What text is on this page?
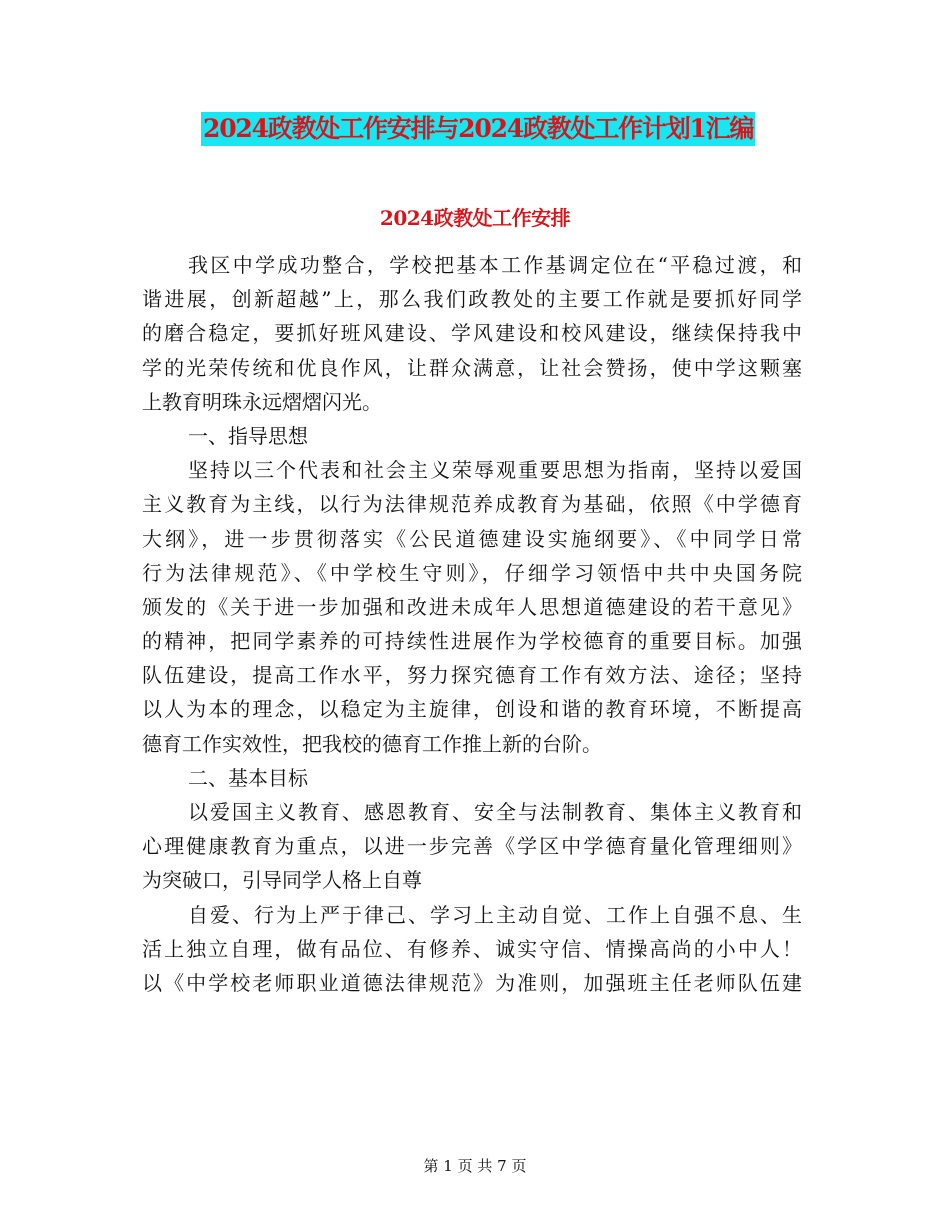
2024政教处工作安排与2024政教处工作计划1汇编
2024政教处工作安排
我区中学成功整合，学校把基本工作基调定位在“平稳过渡，和
谐进展，创新超越”上，那么我们政教处的主要工作就是要抓好同学
的磨合稳定，要抓好班风建设、学风建设和校风建设，继续保持我中
学的光荣传统和优良作风，让群众满意，让社会赞扬，使中学这颗塞
上教育明珠永远熠熠闪光。
一、指导思想
坚持以三个代表和社会主义荣辱观重要思想为指南，坚持以爱国
主义教育为主线，以行为法律规范养成教育为基础，依照《中学德育
大纲》，进一步贯彻落实《公民道德建设实施纲要》、《中同学日常
行为法律规范》、《中学校生守则》，仔细学习领悟中共中央国务院
颁发的《关于进一步加强和改进未成年人思想道德建设的若干意见》
的精神，把同学素养的可持续性进展作为学校德育的重要目标。加强
队伍建设，提高工作水平，努力探究德育工作有效方法、途径；坚持
以人为本的理念，以稳定为主旋律，创设和谐的教育环境，不断提高
德育工作实效性，把我校的德育工作推上新的台阶。
二、基本目标
以爱国主义教育、感恩教育、安全与法制教育、集体主义教育和
心理健康教育为重点，以进一步完善《学区中学德育量化管理细则》
为突破口，引导同学人格上自尊
自爱、行为上严于律己、学习上主动自觉、工作上自强不息、生
活上独立自理，做有品位、有修养、诚实守信、情操高尚的小中人！
以《中学校老师职业道德法律规范》为准则，加强班主任老师队伍建
第 1 页 共 7 页
